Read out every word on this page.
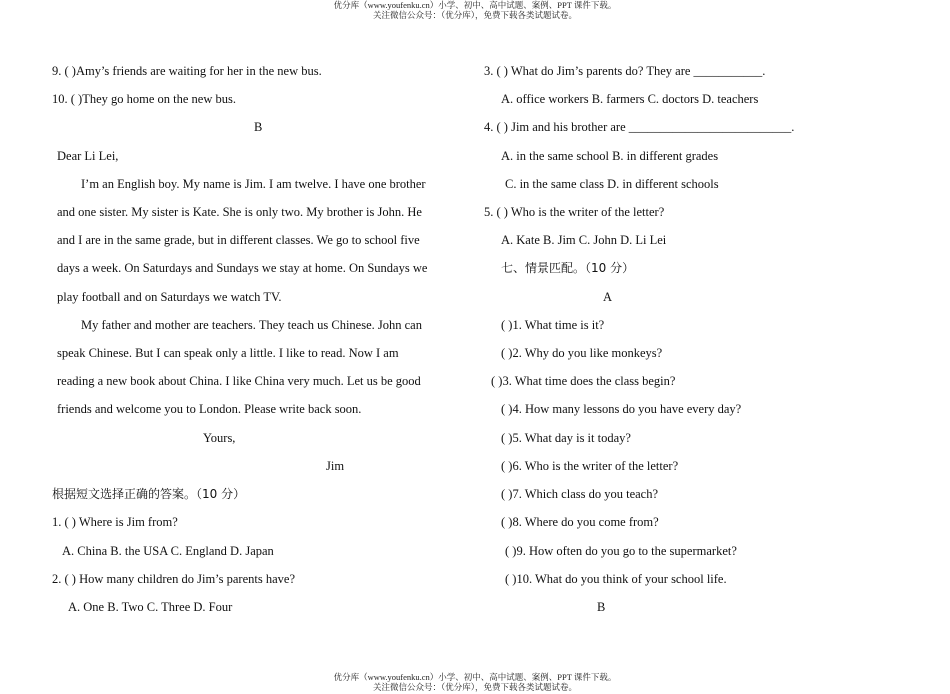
优分库（www.youfenku.cn）小学、初中、高中试题、案例、PPT 课件下载。
关注微信公众号：（优分库），免费下载各类试题试卷。
9. ( )Amy’s friends are waiting for her in the new bus.
10. ( )They go home on the new bus.
B
Dear Li Lei,
I’m an English boy. My name is Jim. I am twelve. I have one brother
and one sister. My sister is Kate. She is only two. My brother is John. He
and I are in the same grade, but in different classes. We go to school five
days a week. On Saturdays and Sundays we stay at home. On Sundays we
play football and on Saturdays we watch TV.
My father and mother are teachers. They teach us Chinese. John can
speak Chinese. But I can speak only a little. I like to read. Now I am
reading a new book about China. I like China very much. Let us be good
friends and welcome you to London. Please write back soon.
Yours,
Jim
根据短文选择正确的答案。（10 分）
1. ( ) Where is Jim from?
A. China B. the USA C. England D. Japan
2. ( ) How many children do Jim’s parents have?
A. One B. Two C. Three D. Four
3. ( ) What do Jim’s parents do? They are ___________.
A. office workers B. farmers C. doctors D. teachers
4. ( ) Jim and his brother are __________________________.
A. in the same school B. in different grades
C. in the same class D. in different schools
5. ( ) Who is the writer of the letter?
A. Kate B. Jim C. John D. Li Lei
七、情景匹配。（10 分）
A
( )1. What time is it?
( )2. Why do you like monkeys?
( )3. What time does the class begin?
( )4. How many lessons do you have every day?
( )5. What day is it today?
( )6. Who is the writer of the letter?
( )7. Which class do you teach?
( )8. Where do you come from?
( )9. How often do you go to the supermarket?
( )10. What do you think of your school life.
B
优分库（www.youfenku.cn）小学、初中、高中试题、案例、PPT 课件下载。
关注微信公众号：（优分库），免费下载各类试题试卷。
